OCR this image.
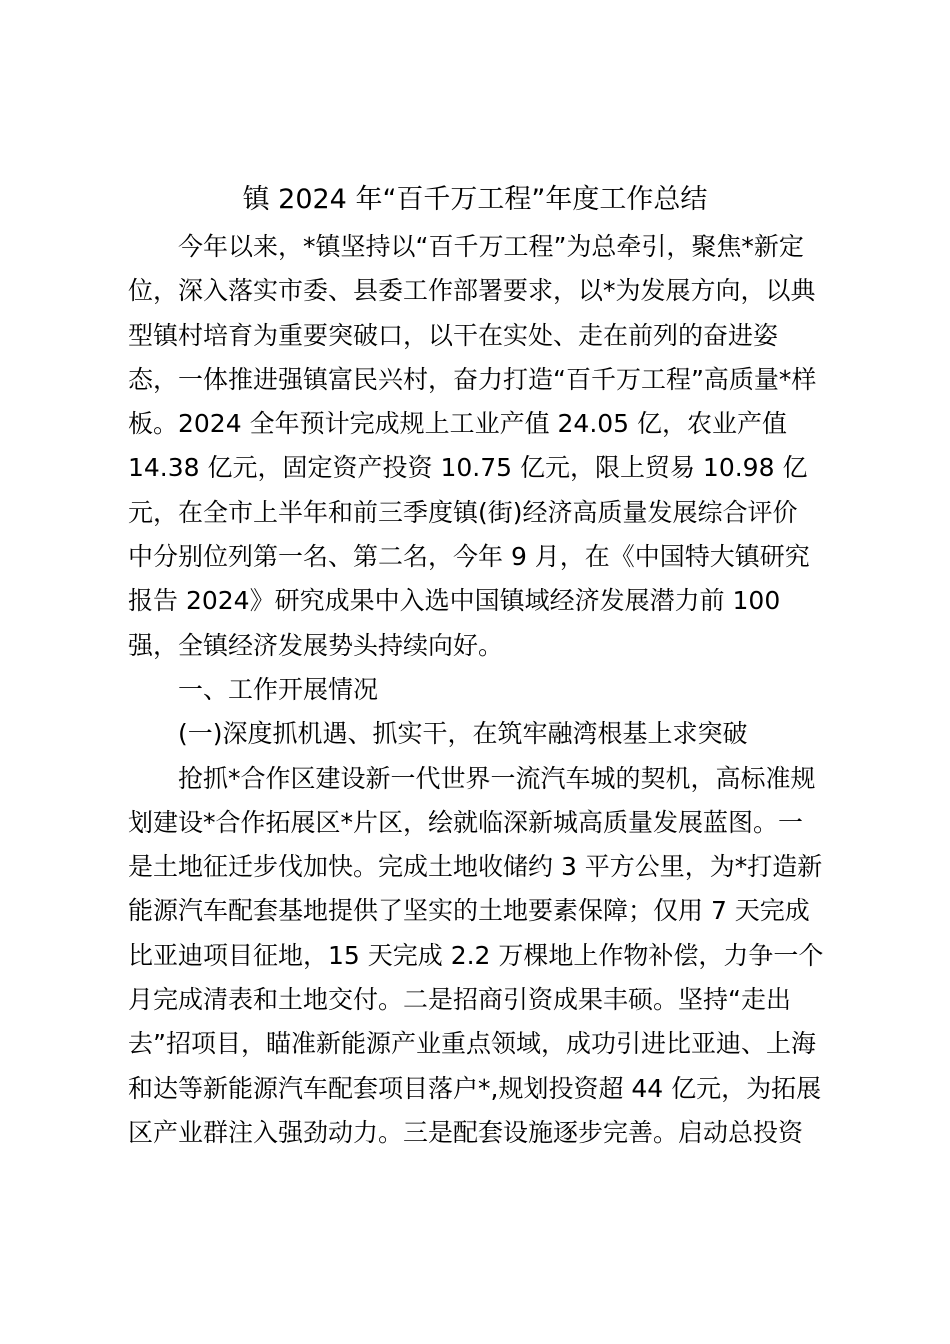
镇 2024 年“百千万工程”年度工作总结
今年以来，*镇坚持以“百千万工程”为总牵引，聚焦*新定
位，深入落实市委、县委工作部署要求，以*为发展方向，以典
型镇村培育为重要突破口，以干在实处、走在前列的奋进姿
态，一体推进强镇富民兴村，奋力打造“百千万工程”高质量*样
板。2024 全年预计完成规上工业产值 24.05 亿，农业产值
14.38 亿元，固定资产投资 10.75 亿元，限上贸易 10.98 亿
元，在全市上半年和前三季度镇(街)经济高质量发展综合评价
中分别位列第一名、第二名，今年 9 月，在《中国特大镇研究
报告 2024》研究成果中入选中国镇域经济发展潜力前 100
强，全镇经济发展势头持续向好。
一、工作开展情况
(一)深度抓机遇、抓实干，在筑牢融湾根基上求突破
抢抓*合作区建设新一代世界一流汽车城的契机，高标准规
划建设*合作拓展区*片区，绘就临深新城高质量发展蓝图。一
是土地征迁步伐加快。完成土地收储约 3 平方公里，为*打造新
能源汽车配套基地提供了坚实的土地要素保障；仅用 7 天完成
比亚迪项目征地，15 天完成 2.2 万棵地上作物补偿，力争一个
月完成清表和土地交付。二是招商引资成果丰硕。坚持“走出
去”招项目，瞄准新能源产业重点领域，成功引进比亚迪、上海
和达等新能源汽车配套项目落户*,规划投资超 44 亿元，为拓展
区产业群注入强劲动力。三是配套设施逐步完善。启动总投资
